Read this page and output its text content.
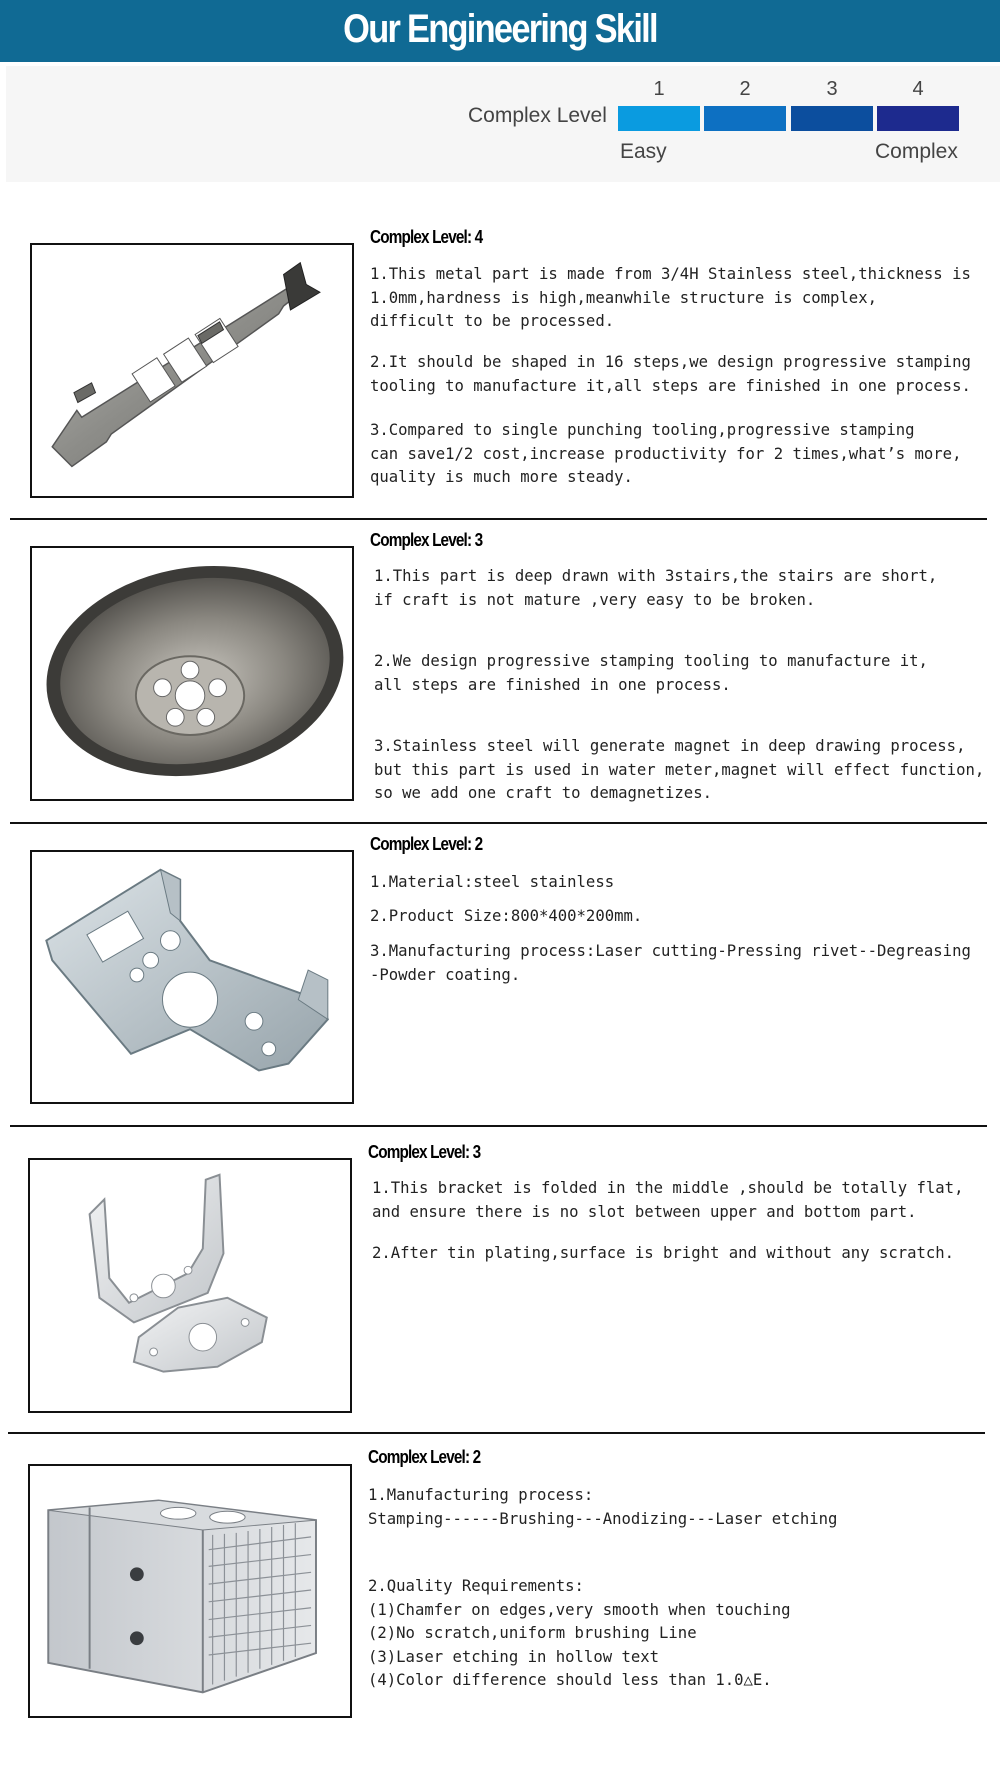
Our Engineering Skill
Complex Level
1	2	3	4
Easy	Complex
Complex Level: 4
1.This metal part is made from 3/4H Stainless steel,thickness is
1.0mm,hardness is high,meanwhile structure is complex,
difficult to be processed.
2.It should be shaped in 16 steps,we design progressive stamping
tooling to manufacture it,all steps are finished in one process.
3.Compared to single punching tooling,progressive stamping
can save1/2 cost,increase productivity for 2 times,what’s more,
quality is much more steady.
Complex Level: 3
1.This part is deep drawn with 3stairs,the stairs are short,
if craft is not mature ,very easy to be broken.
2.We design progressive stamping tooling to manufacture it,
all steps are finished in one process.
3.Stainless steel will generate magnet in deep drawing process,
but this part is used in water meter,magnet will effect function,
so we add one craft to demagnetizes.
Complex Level: 2
1.Material:steel stainless
2.Product Size:800*400*200mm.
3.Manufacturing process:Laser cutting-Pressing rivet--Degreasing
-Powder coating.
Complex Level: 3
1.This bracket is folded in the middle ,should be totally flat,
and ensure there is no slot between upper and bottom part.
2.After tin plating,surface is bright and without any scratch.
Complex Level: 2
1.Manufacturing process:
Stamping------Brushing---Anodizing---Laser etching
2.Quality Requirements:
(1)Chamfer on edges,very smooth when touching
(2)No scratch,uniform brushing Line
(3)Laser etching in hollow text
(4)Color difference should less than 1.0△E.
